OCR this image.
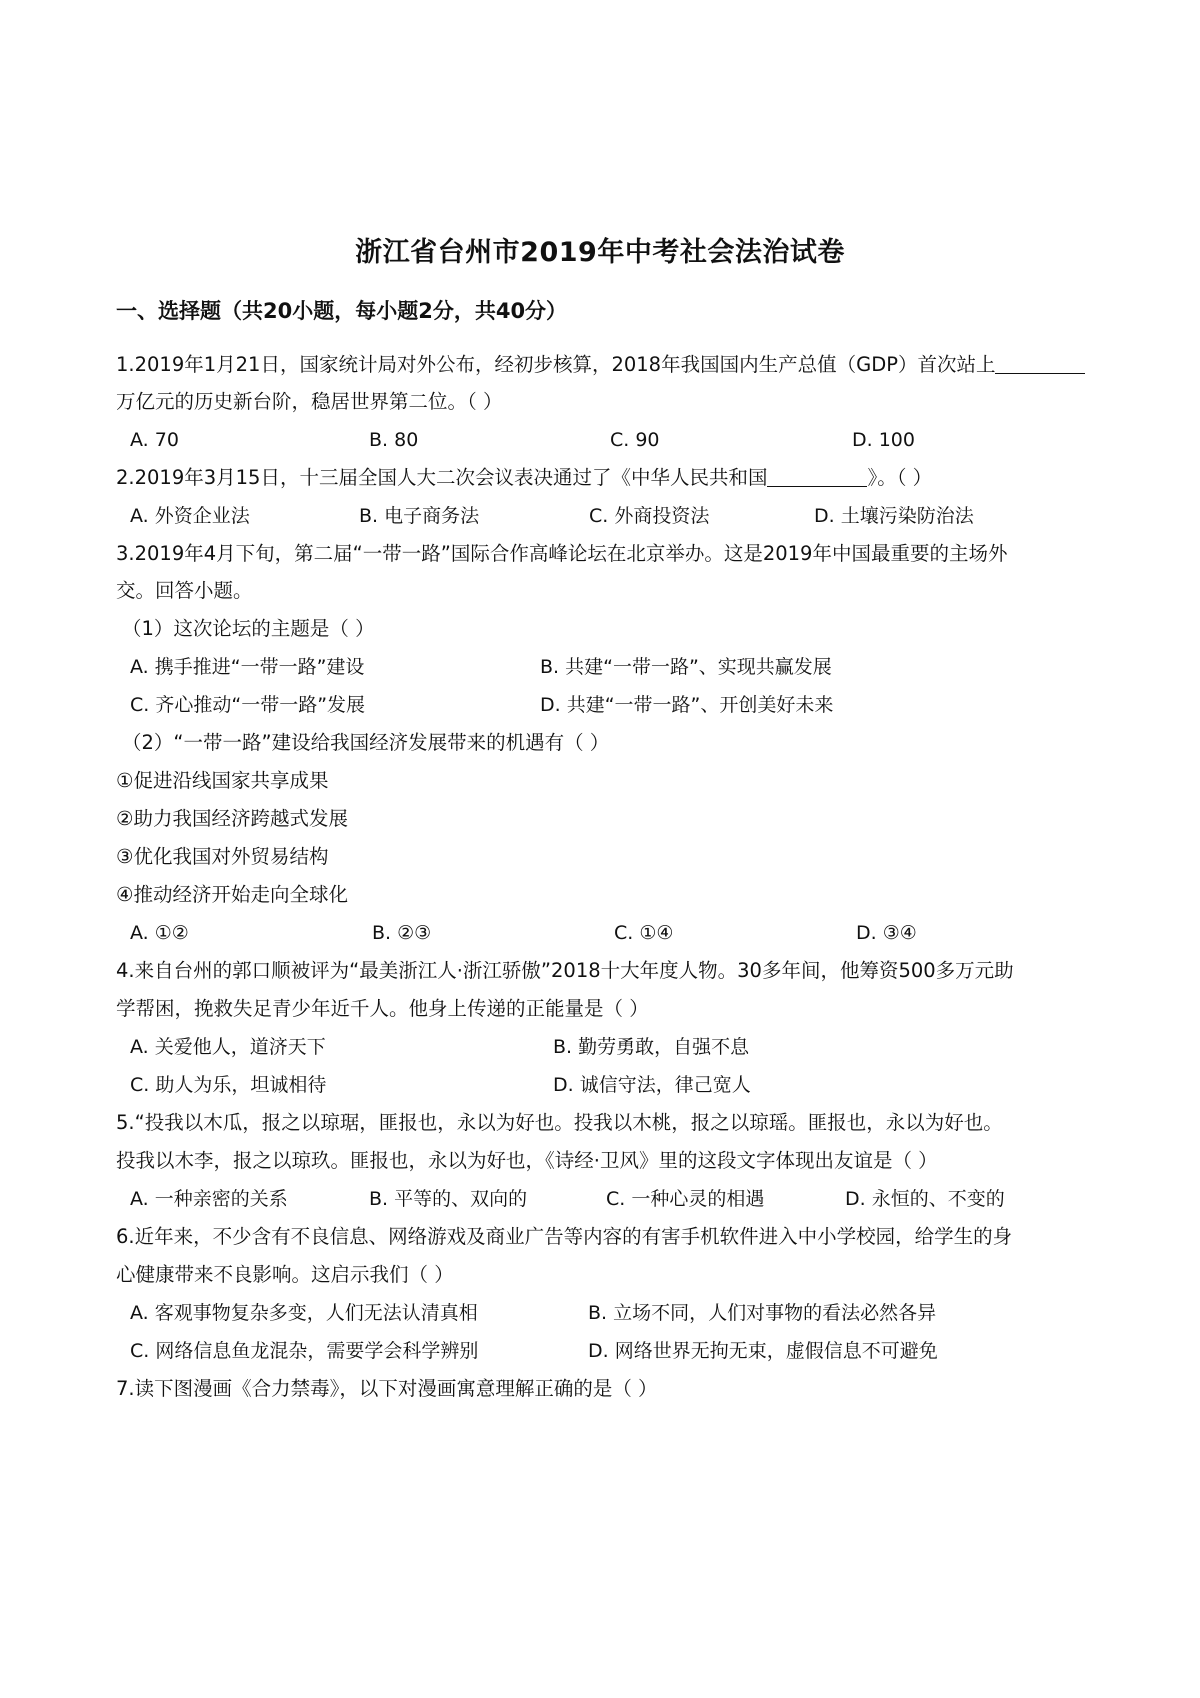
浙江省台州市2019年中考社会法治试卷
一、选择题（共20小题，每小题2分，共40分）
1.2019年1月21日，国家统计局对外公布，经初步核算，2018年我国国内生产总值（GDP）首次站上
万亿元的历史新台阶，稳居世界第二位。（ ）
A. 70	B. 80	C. 90	D. 100
2.2019年3月15日，十三届全国人大二次会议表决通过了《中华人民共和国	》。（ ）
A. 外资企业法	B. 电子商务法	C. 外商投资法	D. 土壤污染防治法
3.2019年4月下旬，第二届“一带一路”国际合作高峰论坛在北京举办。这是2019年中国最重要的主场外
交。回答小题。
（1）这次论坛的主题是（ ）
A. 携手推进“一带一路”建设	B. 共建“一带一路”、实现共赢发展
C. 齐心推动“一带一路”发展	D. 共建“一带一路”、开创美好未来
（2）“一带一路”建设给我国经济发展带来的机遇有（ ）
①促进沿线国家共享成果
②助力我国经济跨越式发展
③优化我国对外贸易结构
④推动经济开始走向全球化
A. ①②	B. ②③	C. ①④	D. ③④
4.来自台州的郭口顺被评为“最美浙江人·浙江骄傲”2018十大年度人物。30多年间，他筹资500多万元助
学帮困，挽救失足青少年近千人。他身上传递的正能量是（ ）
A. 关爱他人，道济天下	B. 勤劳勇敢，自强不息
C. 助人为乐，坦诚相待	D. 诚信守法，律己宽人
5.“投我以木瓜，报之以琼琚，匪报也，永以为好也。投我以木桃，报之以琼瑶。匪报也，永以为好也。
投我以木李，报之以琼玖。匪报也，永以为好也，《诗经·卫风》里的这段文字体现出友谊是（ ）
A. 一种亲密的关系	B. 平等的、双向的	C. 一种心灵的相遇	D. 永恒的、不变的
6.近年来，不少含有不良信息、网络游戏及商业广告等内容的有害手机软件进入中小学校园，给学生的身
心健康带来不良影响。这启示我们（ ）
A. 客观事物复杂多变，人们无法认清真相	B. 立场不同，人们对事物的看法必然各异
C. 网络信息鱼龙混杂，需要学会科学辨别	D. 网络世界无拘无束，虚假信息不可避免
7.读下图漫画《合力禁毒》，以下对漫画寓意理解正确的是（ ）
